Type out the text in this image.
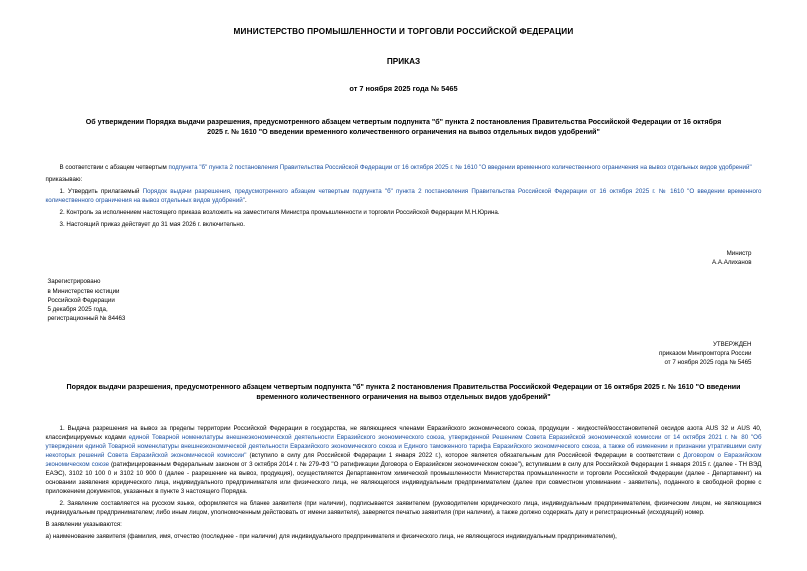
МИНИСТЕРСТВО ПРОМЫШЛЕННОСТИ И ТОРГОВЛИ РОССИЙСКОЙ ФЕДЕРАЦИИ
ПРИКАЗ
от 7 ноября 2025 года № 5465
Об утверждении Порядка выдачи разрешения, предусмотренного абзацем четвертым подпункта "б" пункта 2 постановления Правительства Российской Федерации от 16 октября 2025 г. № 1610 "О введении временного количественного ограничения на вывоз отдельных видов удобрений"

В соответствии с абзацем четвертым подпункта "б" пункта 2 постановления Правительства Российской Федерации от 16 октября 2025 г. № 1610 "О введении временного количественного ограничения на вывоз отдельных видов удобрений"

приказываю:

1. Утвердить прилагаемый Порядок выдачи разрешения, предусмотренного абзацем четвертым подпункта "б" пункта 2 постановления Правительства Российской Федерации от 16 октября 2025 г. № 1610 "О введении временного количественного ограничения на вывоз отдельных видов удобрений".

2. Контроль за исполнением настоящего приказа возложить на заместителя Министра промышленности и торговли Российской Федерации М.Н.Юрина.

3. Настоящий приказ действует до 31 мая 2026 г. включительно.

Министр
А.А.Алиханов
Зарегистрировано
в Министерстве юстиции
Российской Федерации
5 декабря 2025 года,
регистрационный № 84463
УТВЕРЖДЕН
приказом Минпромторга России
от 7 ноября 2025 года № 5465
Порядок выдачи разрешения, предусмотренного абзацем четвертым подпункта "б" пункта 2 постановления Правительства Российской Федерации от 16 октября 2025 г. № 1610 "О введении временного количественного ограничения на вывоз отдельных видов удобрений"

1. Выдача разрешения на вывоз за пределы территории Российской Федерации в государства, не являющиеся членами Евразийского экономического союза, продукции - жидкостей/восстановителей оксидов азота AUS 32 и AUS 40, классифицируемых кодами единой Товарной номенклатуры внешнеэкономической деятельности Евразийского экономического союза, утвержденной Решением Совета Евразийской экономической комиссии от 14 октября 2021 г. № 80 "Об утверждении единой Товарной номенклатуры внешнеэкономической деятельности Евразийского экономического союза и Единого таможенного тарифа Евразийского экономического союза, а также об изменении и признании утратившими силу некоторых решений Совета Евразийской экономической комиссии" (вступило в силу для Российской Федерации 1 января 2022 г.), которое является обязательным для Российской Федерации в соответствии с Договором о Евразийском экономическом союзе (ратифицированным Федеральным законом от 3 октября 2014 г. № 279-ФЗ "О ратификации Договора о Евразийском экономическом союзе"), вступившим в силу для Российской Федерации 1 января 2015 г. (далее - ТН ВЭД ЕАЭС), 3102 10 100 0 и 3102 10 900 0 (далее - разрешение на вывоз, продукция), осуществляется Департаментом химической промышленности Министерства промышленности и торговли Российской Федерации (далее - Департамент) на основании заявления юридического лица, индивидуального предпринимателя или физического лица, не являющегося индивидуальным предпринимателем (далее при совместном упоминании - заявитель), поданного в свободной форме с приложением документов, указанных в пункте 3 настоящего Порядка.

2. Заявление составляется на русском языке, оформляется на бланке заявителя (при наличии), подписывается заявителем (руководителем юридического лица, индивидуальным предпринимателем, физическим лицом, не являющимся индивидуальным предпринимателем; либо иным лицом, уполномоченным действовать от имени заявителя), заверяется печатью заявителя (при наличии), а также должно содержать дату и регистрационный (исходящий) номер.

В заявлении указываются:

а) наименование заявителя (фамилия, имя, отчество (последнее - при наличии) для индивидуального предпринимателя и физического лица, не являющегося индивидуальным предпринимателем),
